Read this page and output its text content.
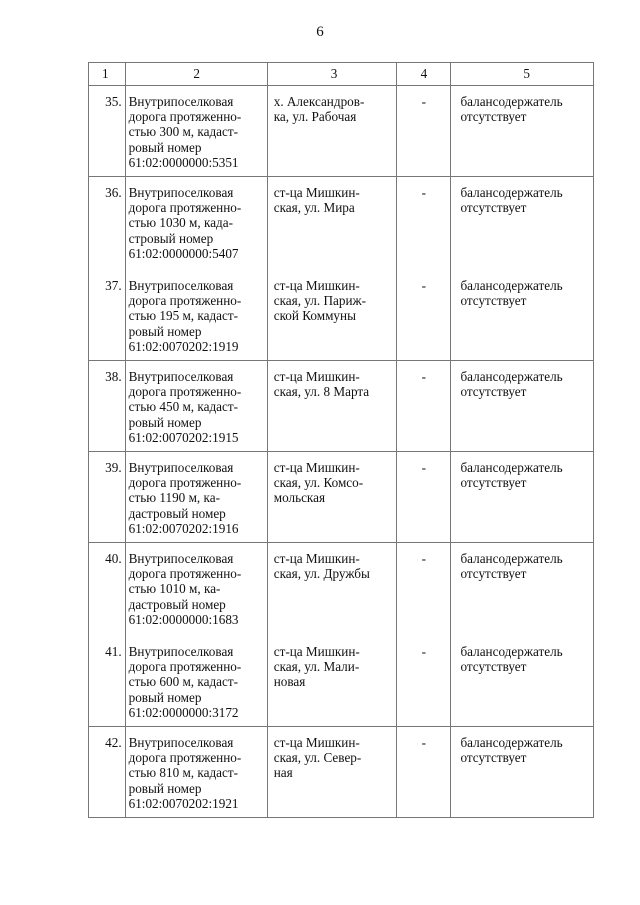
6
1	2	3	4	5
35.	Внутрипоселковая
дорога протяженно-
стью 300 м, кадаст-
ровый номер
61:02:0000000:5351	х. Александров-
ка, ул. Рабочая	-	балансодержатель
отсутствует

36.	Внутрипоселковая
дорога протяженно-
стью 1030 м, када-
стровый номер
61:02:0000000:5407	ст-ца Мишкин-
ская, ул. Мира	-	балансодержатель
отсутствует

37.	Внутрипоселковая
дорога протяженно-
стью 195 м, кадаст-
ровый номер
61:02:0070202:1919	ст-ца Мишкин-
ская, ул. Париж-
ской Коммуны	-	балансодержатель
отсутствует

38.	Внутрипоселковая
дорога протяженно-
стью 450 м, кадаст-
ровый номер
61:02:0070202:1915	ст-ца Мишкин-
ская, ул. 8 Марта	-	балансодержатель
отсутствует

39.	Внутрипоселковая
дорога протяженно-
стью 1190 м, ка-
дастровый номер
61:02:0070202:1916	ст-ца Мишкин-
ская, ул. Комсо-
мольская	-	балансодержатель
отсутствует

40.	Внутрипоселковая
дорога протяженно-
стью 1010 м, ка-
дастровый номер
61:02:0000000:1683	ст-ца Мишкин-
ская, ул. Дружбы	-	балансодержатель
отсутствует

41.	Внутрипоселковая
дорога протяженно-
стью 600 м, кадаст-
ровый номер
61:02:0000000:3172	ст-ца Мишкин-
ская, ул. Мали-
новая	-	балансодержатель
отсутствует

42.	Внутрипоселковая
дорога протяженно-
стью 810 м, кадаст-
ровый номер
61:02:0070202:1921	ст-ца Мишкин-
ская, ул. Север-
ная	-	балансодержатель
отсутствует
